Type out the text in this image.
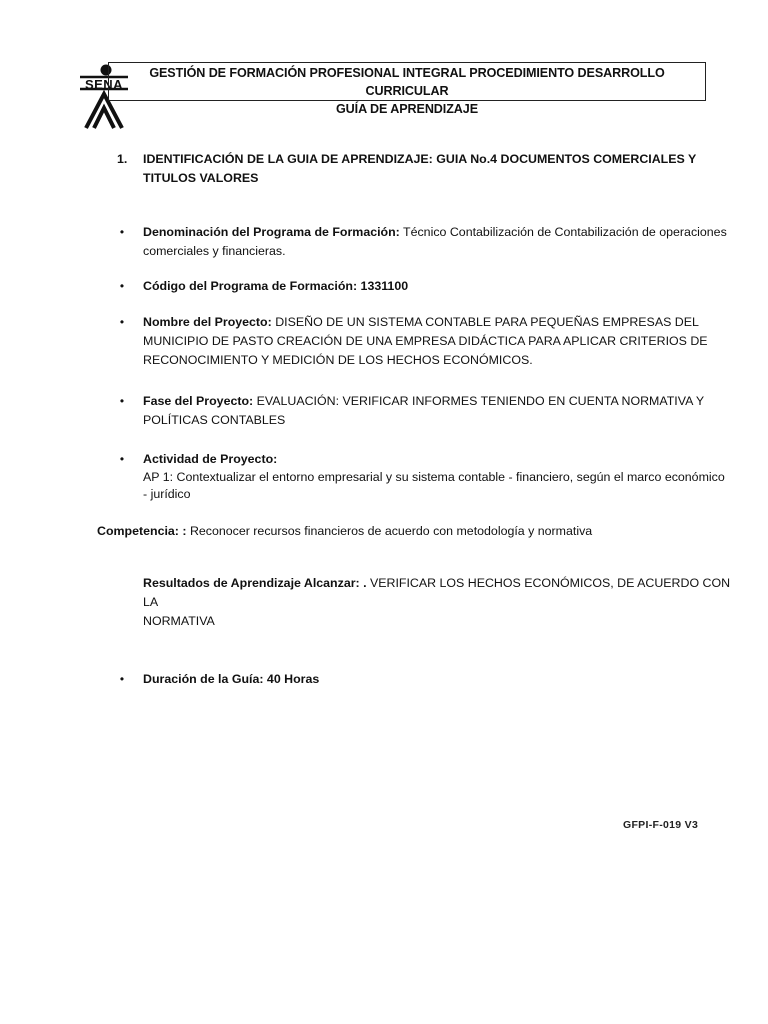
SENA
GESTIÓN DE FORMACIÓN PROFESIONAL INTEGRAL PROCEDIMIENTO DESARROLLO CURRICULAR
GUÍA DE APRENDIZAJE
1. IDENTIFICACIÓN DE LA GUIA DE APRENDIZAJE: GUIA No.4 DOCUMENTOS COMERCIALES Y
TITULOS VALORES
• Denominación del Programa de Formación: Técnico Contabilización de Contabilización de operaciones
comerciales y financieras.
• Código del Programa de Formación: 1331100
• Nombre del Proyecto: DISEÑO DE UN SISTEMA CONTABLE PARA PEQUEÑAS EMPRESAS DEL
MUNICIPIO DE PASTO CREACIÓN DE UNA EMPRESA DIDÁCTICA PARA APLICAR CRITERIOS DE
RECONOCIMIENTO Y MEDICIÓN DE LOS HECHOS ECONÓMICOS.
• Fase del Proyecto: EVALUACIÓN: VERIFICAR INFORMES TENIENDO EN CUENTA NORMATIVA Y
POLÍTICAS CONTABLES
• Actividad de Proyecto:
AP 1: Contextualizar el entorno empresarial y su sistema contable - financiero, según el marco económico
- jurídico
Competencia: : Reconocer recursos financieros de acuerdo con metodología y normativa
Resultados de Aprendizaje Alcanzar: . VERIFICAR LOS HECHOS ECONÓMICOS, DE ACUERDO CON LA
NORMATIVA
• Duración de la Guía: 40 Horas
GFPI-F-019 V3
